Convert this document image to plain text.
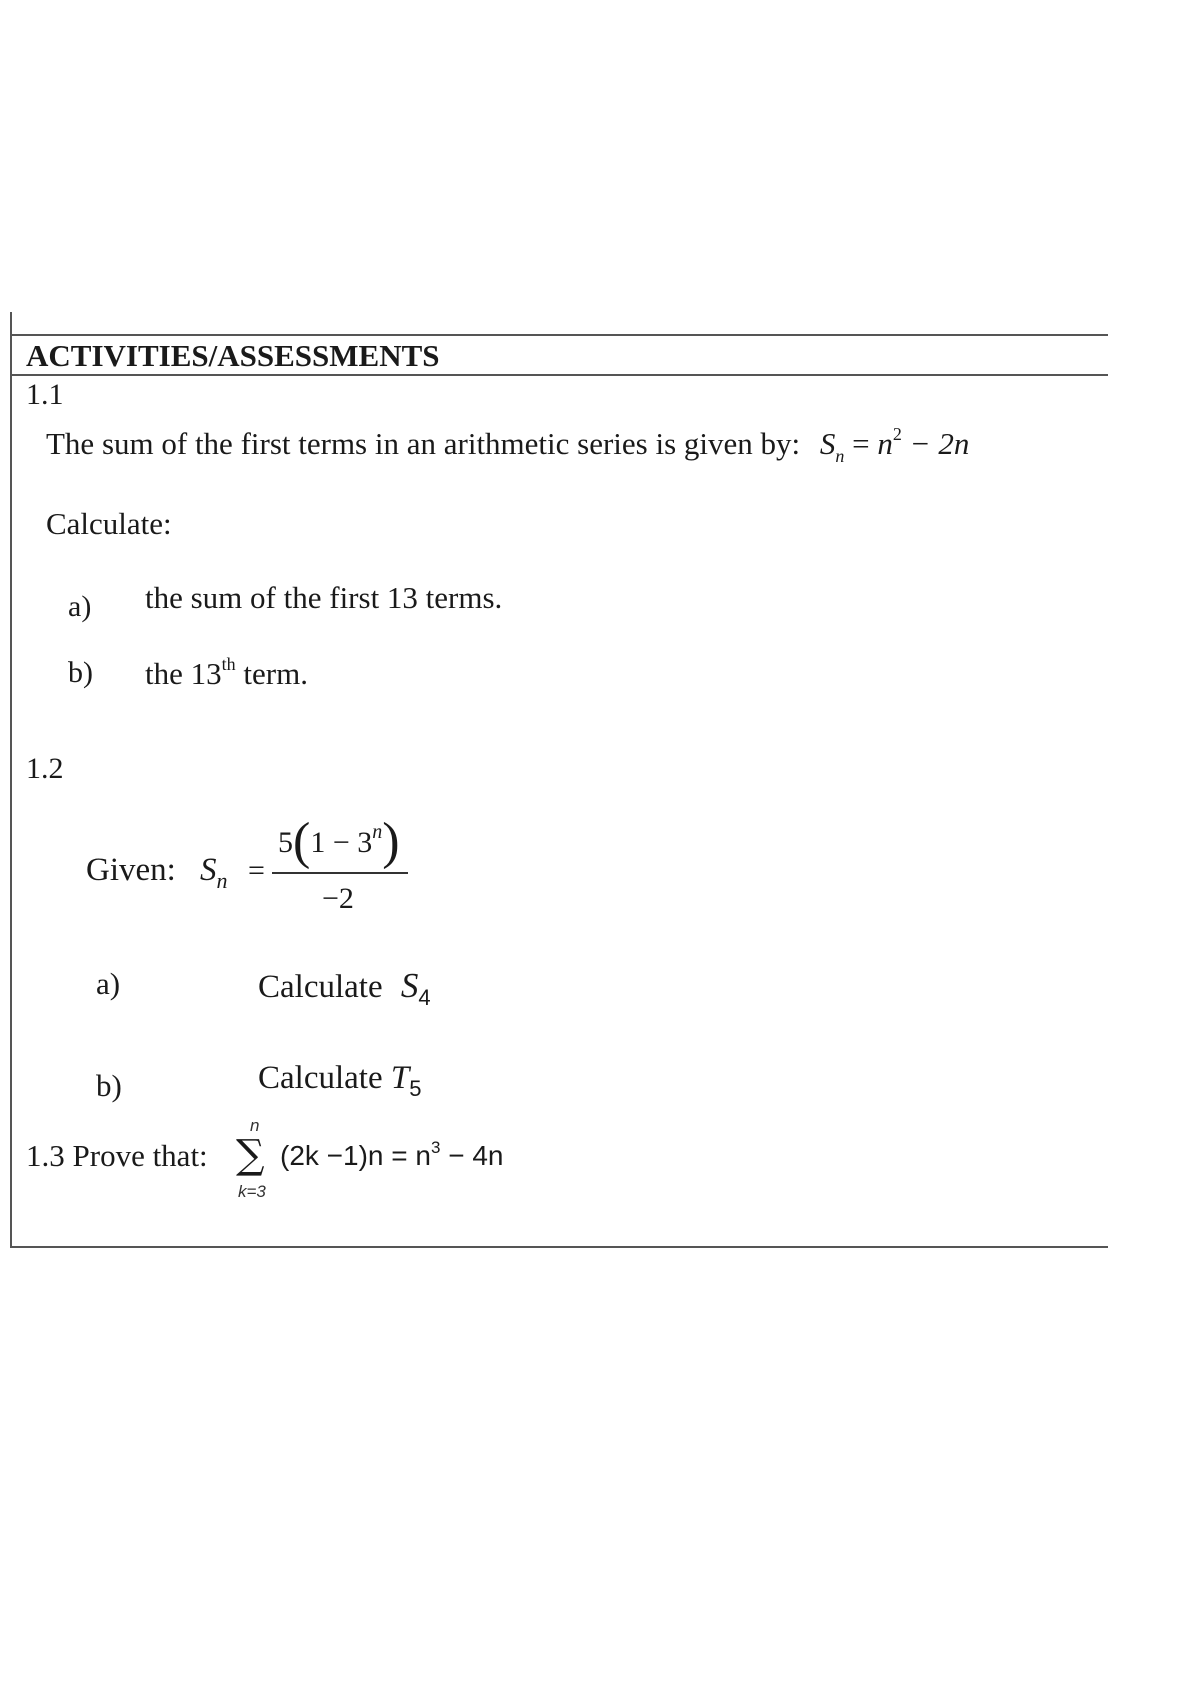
ACTIVITIES/ASSESSMENTS
1.1
The sum of the first terms in an arithmetic series is given by: $S_n = n^2 - 2n$
Calculate:
a) the sum of the first 13 terms.
b) the 13th term.
1.2
Given: $S_n$ =
$5(1 - 3^n)$
−2
a)	Calculate $S_4$
b)	Calculate $T_5$
1.3 Prove that:
n
∑
k=3
$(2k -1)n = n^3 - 4n$
